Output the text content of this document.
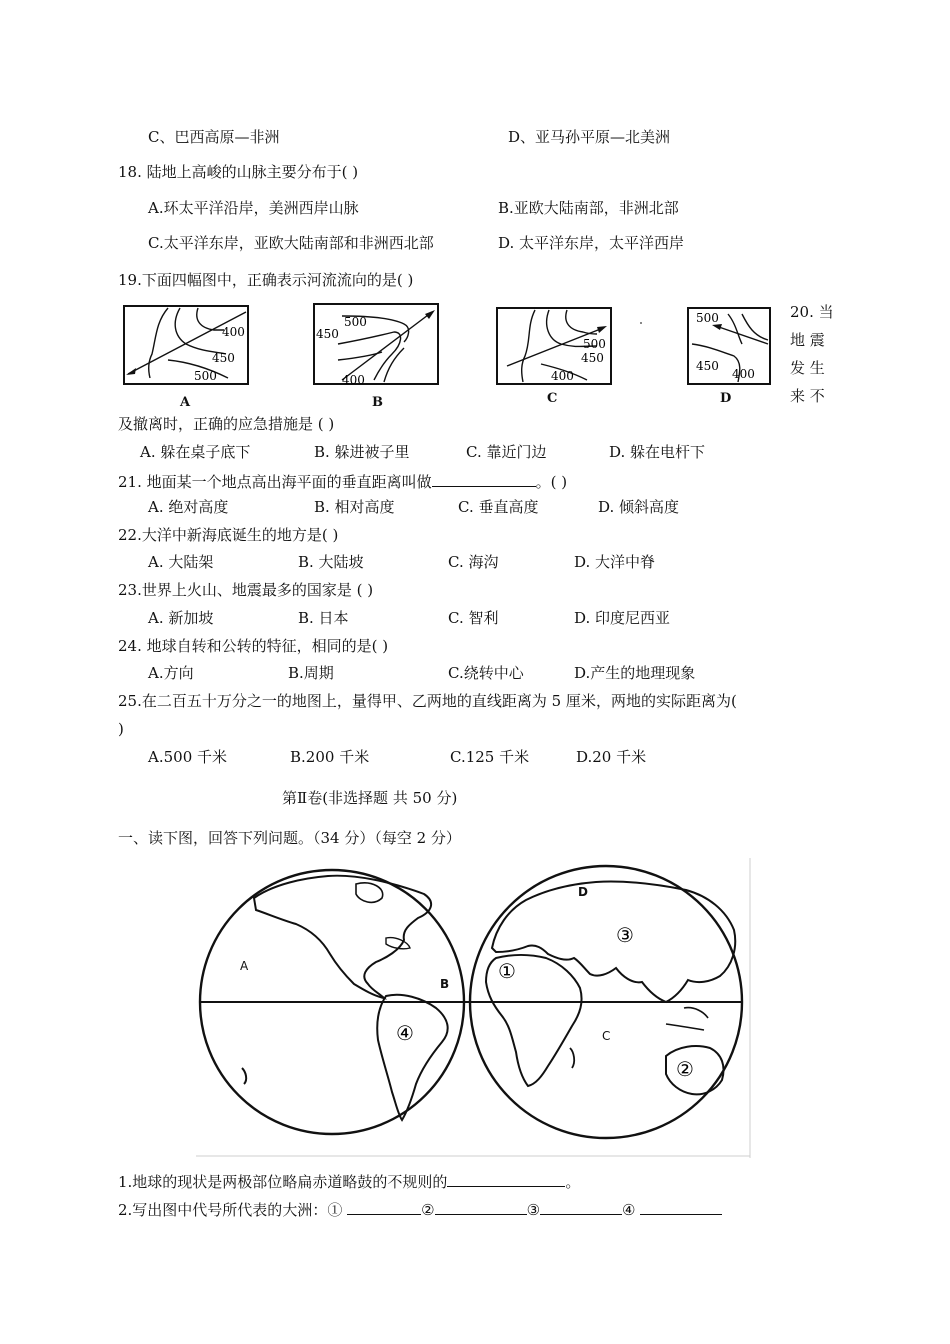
C、巴西高原—非洲	D、亚马孙平原—北美洲
18. 陆地上高峻的山脉主要分布于( )
A.环太平洋沿岸，美洲西岸山脉	B.亚欧大陆南部，非洲北部
C.太平洋东岸，亚欧大陆南部和非洲西北部	D. 太平洋东岸，太平洋西岸
19.下面四幅图中，正确表示河流流向的是( )
400
450
500
A
500
450
400
B
500
450
400
C
500
450
400
D
20. 当
地 震
发 生
来 不
及撤离时，正确的应急措施是 ( )
A. 躲在桌子底下	B. 躲进被子里	C. 靠近门边	D. 躲在电杆下
21. 地面某一个地点高出海平面的垂直距离叫做	。( )
A. 绝对高度	B. 相对高度	C. 垂直高度	D. 倾斜高度
22.大洋中新海底诞生的地方是( )
A. 大陆架	B. 大陆坡	C. 海沟	D. 大洋中脊
23.世界上火山、地震最多的国家是 ( )
A. 新加坡	B. 日本	C. 智利	D. 印度尼西亚
24. 地球自转和公转的特征，相同的是( )
A.方向	B.周期	C.绕转中心	D.产生的地理现象
25.在二百五十万分之一的地图上，量得甲、乙两地的直线距离为 5 厘米，两地的实际距离为(
)
A.500 千米	B.200 千米	C.125 千米	D.20 千米
第Ⅱ卷(非选择题 共 50 分)
一、读下图，回答下列问题。（34 分）（每空 2 分）
A
B
C
D
①
②
③
④
1.地球的现状是两极部位略扁赤道略鼓的不规则的	。
2.写出图中代号所代表的大洲：①	②	③	④
